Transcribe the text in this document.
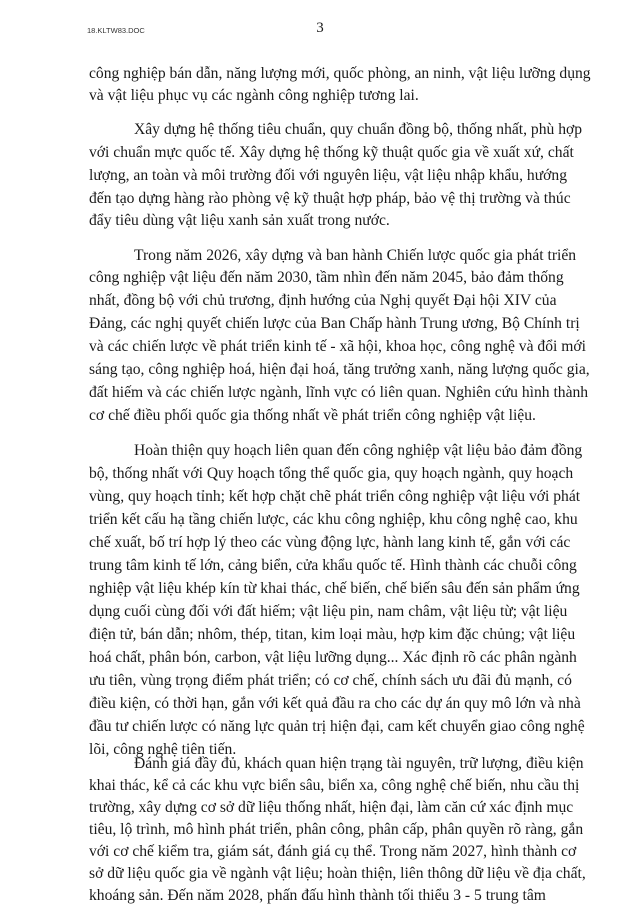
18.KLTW83.DOC	3
công nghiệp bán dẫn, năng lượng mới, quốc phòng, an ninh, vật liệu lưỡng dụng
và vật liệu phục vụ các ngành công nghiệp tương lai.
Xây dựng hệ thống tiêu chuẩn, quy chuẩn đồng bộ, thống nhất, phù hợp
với chuẩn mực quốc tế. Xây dựng hệ thống kỹ thuật quốc gia về xuất xứ, chất
lượng, an toàn và môi trường đối với nguyên liệu, vật liệu nhập khẩu, hướng
đến tạo dựng hàng rào phòng vệ kỹ thuật hợp pháp, bảo vệ thị trường và thúc
đẩy tiêu dùng vật liệu xanh sản xuất trong nước.
Trong năm 2026, xây dựng và ban hành Chiến lược quốc gia phát triển
công nghiệp vật liệu đến năm 2030, tầm nhìn đến năm 2045, bảo đảm thống
nhất, đồng bộ với chủ trương, định hướng của Nghị quyết Đại hội XIV của
Đảng, các nghị quyết chiến lược của Ban Chấp hành Trung ương, Bộ Chính trị
và các chiến lược về phát triển kinh tế - xã hội, khoa học, công nghệ và đổi mới
sáng tạo, công nghiệp hoá, hiện đại hoá, tăng trưởng xanh, năng lượng quốc gia,
đất hiếm và các chiến lược ngành, lĩnh vực có liên quan. Nghiên cứu hình thành
cơ chế điều phối quốc gia thống nhất về phát triển công nghiệp vật liệu.
Hoàn thiện quy hoạch liên quan đến công nghiệp vật liệu bảo đảm đồng
bộ, thống nhất với Quy hoạch tổng thể quốc gia, quy hoạch ngành, quy hoạch
vùng, quy hoạch tỉnh; kết hợp chặt chẽ phát triển công nghiệp vật liệu với phát
triển kết cấu hạ tầng chiến lược, các khu công nghiệp, khu công nghệ cao, khu
chế xuất, bố trí hợp lý theo các vùng động lực, hành lang kinh tế, gắn với các
trung tâm kinh tế lớn, cảng biển, cửa khẩu quốc tế. Hình thành các chuỗi công
nghiệp vật liệu khép kín từ khai thác, chế biến, chế biến sâu đến sản phẩm ứng
dụng cuối cùng đối với đất hiếm; vật liệu pin, nam châm, vật liệu từ; vật liệu
điện tử, bán dẫn; nhôm, thép, titan, kim loại màu, hợp kim đặc chủng; vật liệu
hoá chất, phân bón, carbon, vật liệu lưỡng dụng... Xác định rõ các phân ngành
ưu tiên, vùng trọng điểm phát triển; có cơ chế, chính sách ưu đãi đủ mạnh, có
điều kiện, có thời hạn, gắn với kết quả đầu ra cho các dự án quy mô lớn và nhà
đầu tư chiến lược có năng lực quản trị hiện đại, cam kết chuyển giao công nghệ
lõi, công nghệ tiên tiến.
Đánh giá đầy đủ, khách quan hiện trạng tài nguyên, trữ lượng, điều kiện
khai thác, kể cả các khu vực biển sâu, biển xa, công nghệ chế biến, nhu cầu thị
trường, xây dựng cơ sở dữ liệu thống nhất, hiện đại, làm căn cứ xác định mục
tiêu, lộ trình, mô hình phát triển, phân công, phân cấp, phân quyền rõ ràng, gắn
với cơ chế kiểm tra, giám sát, đánh giá cụ thể. Trong năm 2027, hình thành cơ
sở dữ liệu quốc gia về ngành vật liệu; hoàn thiện, liên thông dữ liệu về địa chất,
khoáng sản. Đến năm 2028, phấn đấu hình thành tối thiểu 3 - 5 trung tâm
